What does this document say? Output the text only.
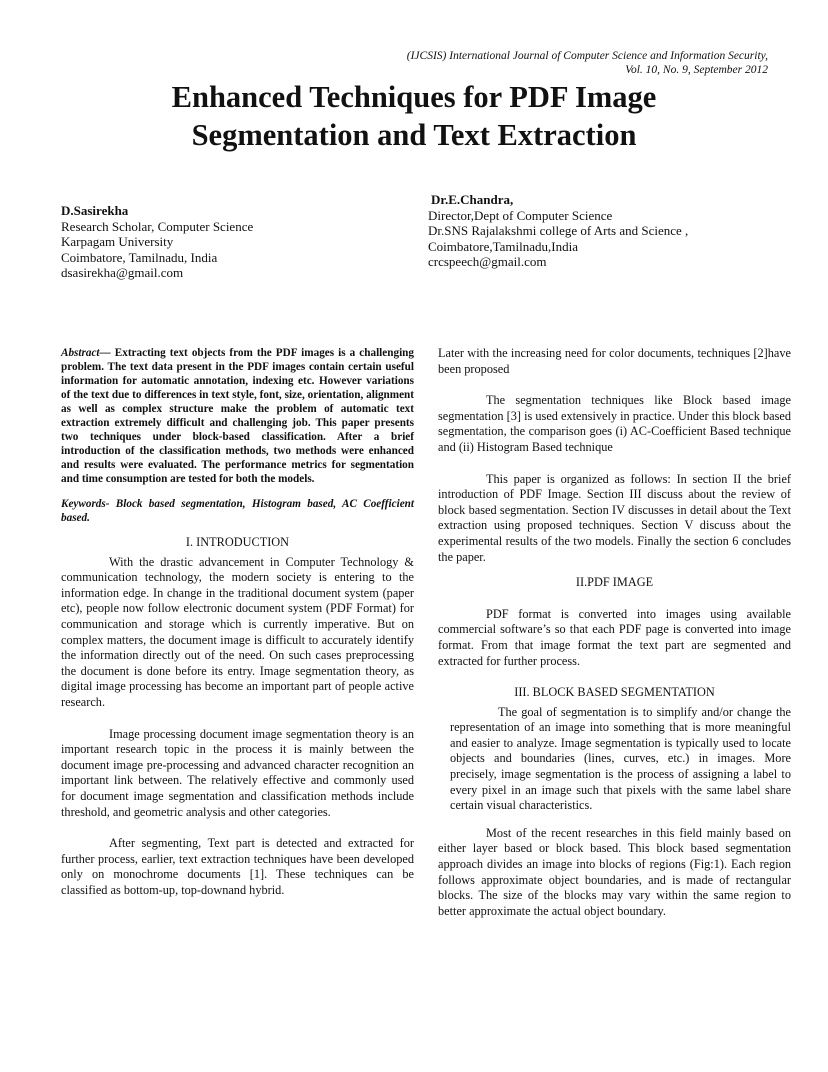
(IJCSIS) International Journal of Computer Science and Information Security,
Vol. 10, No. 9, September 2012
Enhanced Techniques for PDF Image
Segmentation and Text Extraction
D.Sasirekha
Research Scholar, Computer Science
Karpagam University
Coimbatore, Tamilnadu, India
dsasirekha@gmail.com
Dr.E.Chandra,
Director,Dept of Computer Science
Dr.SNS Rajalakshmi college of Arts and Science ,
Coimbatore,Tamilnadu,India
crcspeech@gmail.com

Abstract— Extracting text objects from the PDF images is a challenging problem. The text data present in the PDF images contain certain useful information for automatic annotation, indexing etc. However variations of the text due to differences in text style, font, size, orientation, alignment as well as complex structure make the problem of automatic text extraction extremely difficult and challenging job. This paper presents two techniques under block-based classification. After a brief introduction of the classification methods, two methods were enhanced and results were evaluated. The performance metrics for segmentation and time consumption are tested for both the models.

Keywords- Block based segmentation, Histogram based, AC Coefficient based.

I. INTRODUCTION

With the drastic advancement in Computer Technology & communication technology, the modern society is entering to the information edge. In change in the traditional document system (paper etc), people now follow electronic document system (PDF Format) for communication and storage which is currently imperative. But on complex matters, the document image is difficult to accurately identify the information directly out of the need. On such cases preprocessing the document is done before its entry. Image segmentation theory, as digital image processing has become an important part of people active research.

Image processing document image segmentation theory is an important research topic in the process it is mainly between the document image pre-processing and advanced character recognition an important link between. The relatively effective and commonly used for document image segmentation and classification methods include threshold, and geometric analysis and other categories.

After segmenting, Text part is detected and extracted for further process, earlier, text extraction techniques have been developed only on monochrome documents [1]. These techniques can be classified as bottom-up, top-downand hybrid.

Later with the increasing need for color documents, techniques [2]have been proposed

The segmentation techniques like Block based image segmentation [3] is used extensively in practice. Under this block based segmentation, the comparison goes (i) AC-Coefficient Based technique and (ii) Histogram Based technique

This paper is organized as follows: In section II the brief introduction of PDF Image. Section III discuss about the review of block based segmentation. Section IV discusses in detail about the Text extraction using proposed techniques. Section V discuss about the experimental results of the two models. Finally the section 6 concludes the paper.

II.PDF IMAGE

PDF format is converted into images using available commercial software’s so that each PDF page is converted into image format. From that image format the text part are segmented and extracted for further process.

III. BLOCK BASED SEGMENTATION

The goal of segmentation is to simplify and/or change the representation of an image into something that is more meaningful and easier to analyze. Image segmentation is typically used to locate objects and boundaries (lines, curves, etc.) in images. More precisely, image segmentation is the process of assigning a label to every pixel in an image such that pixels with the same label share certain visual characteristics.

Most of the recent researches in this field mainly based on either layer based or block based. This block based segmentation approach divides an image into blocks of regions (Fig:1). Each region follows approximate object boundaries, and is made of rectangular blocks. The size of the blocks may vary within the same region to better approximate the actual object boundary.
